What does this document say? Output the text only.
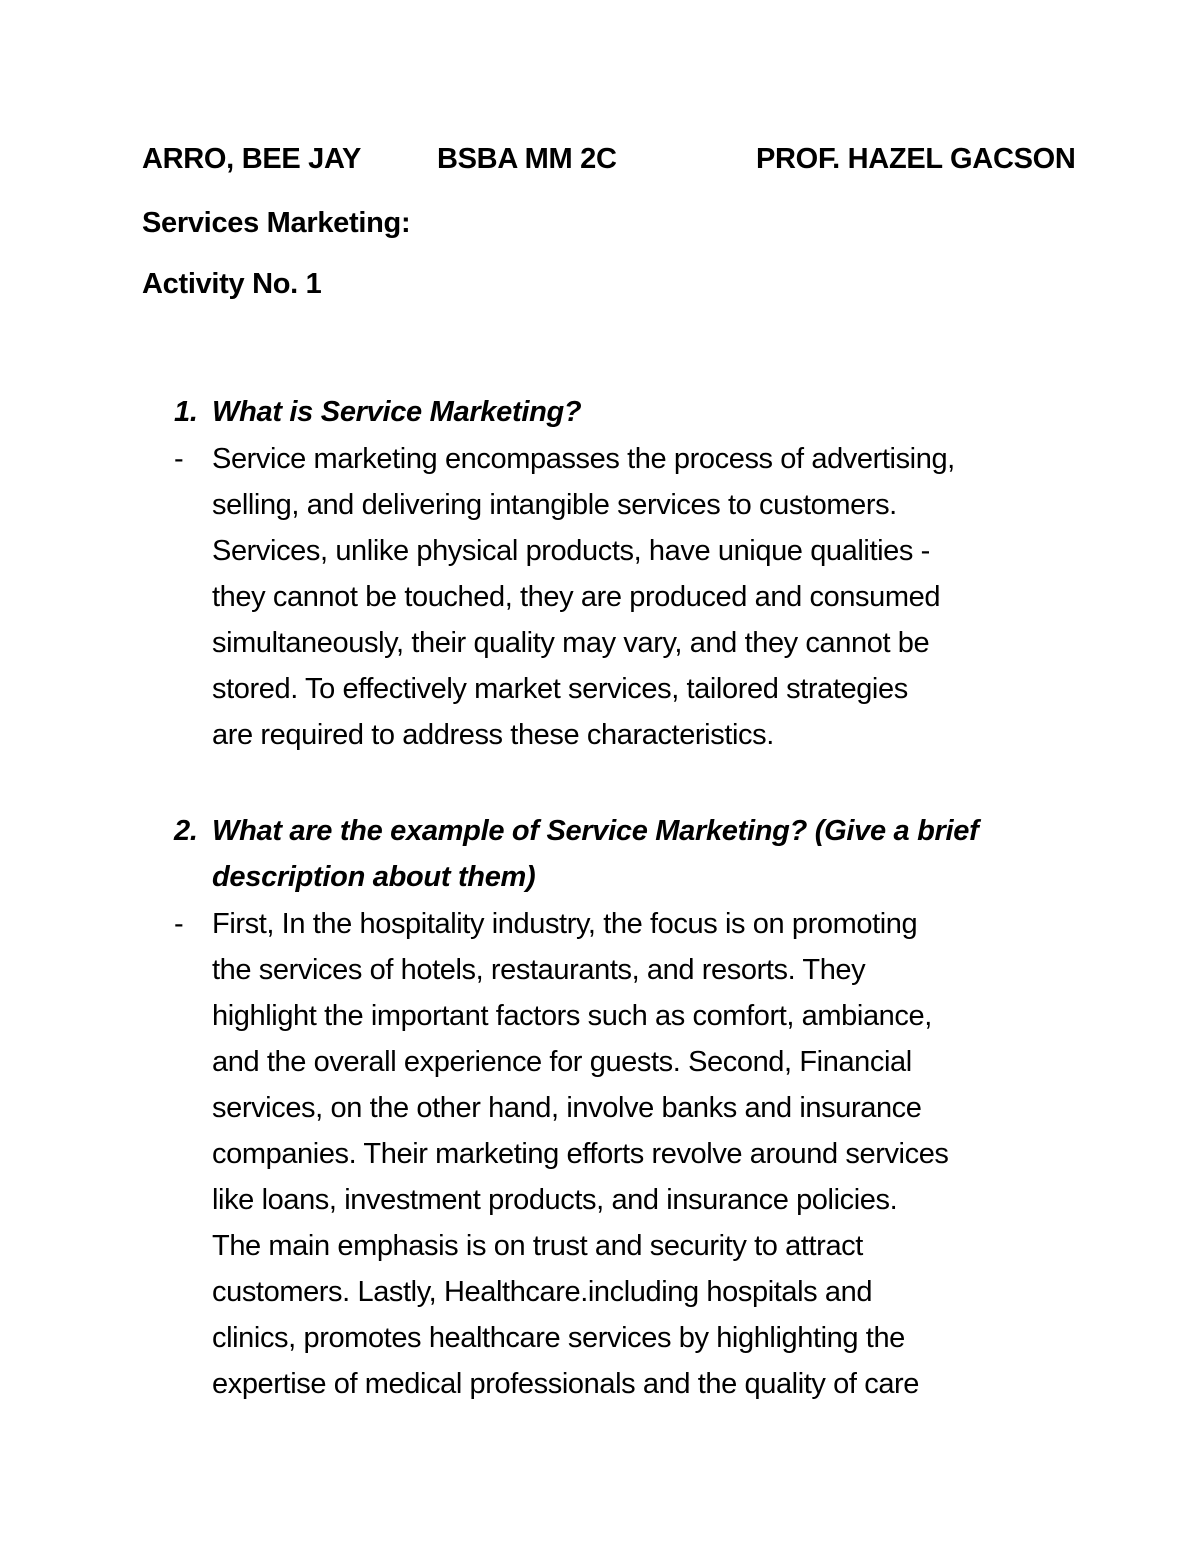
ARRO, BEE JAY	BSBA MM 2C	PROF. HAZEL GACSON
Services Marketing:
Activity No. 1
1. What is Service Marketing?
- Service marketing encompasses the process of advertising,
selling, and delivering intangible services to customers.
Services, unlike physical products, have unique qualities -
they cannot be touched, they are produced and consumed
simultaneously, their quality may vary, and they cannot be
stored. To effectively market services, tailored strategies
are required to address these characteristics.
2. What are the example of Service Marketing? (Give a brief
description about them)
- First, In the hospitality industry, the focus is on promoting
the services of hotels, restaurants, and resorts. They
highlight the important factors such as comfort, ambiance,
and the overall experience for guests. Second, Financial
services, on the other hand, involve banks and insurance
companies. Their marketing efforts revolve around services
like loans, investment products, and insurance policies.
The main emphasis is on trust and security to attract
customers. Lastly, Healthcare.including hospitals and
clinics, promotes healthcare services by highlighting the
expertise of medical professionals and the quality of care
